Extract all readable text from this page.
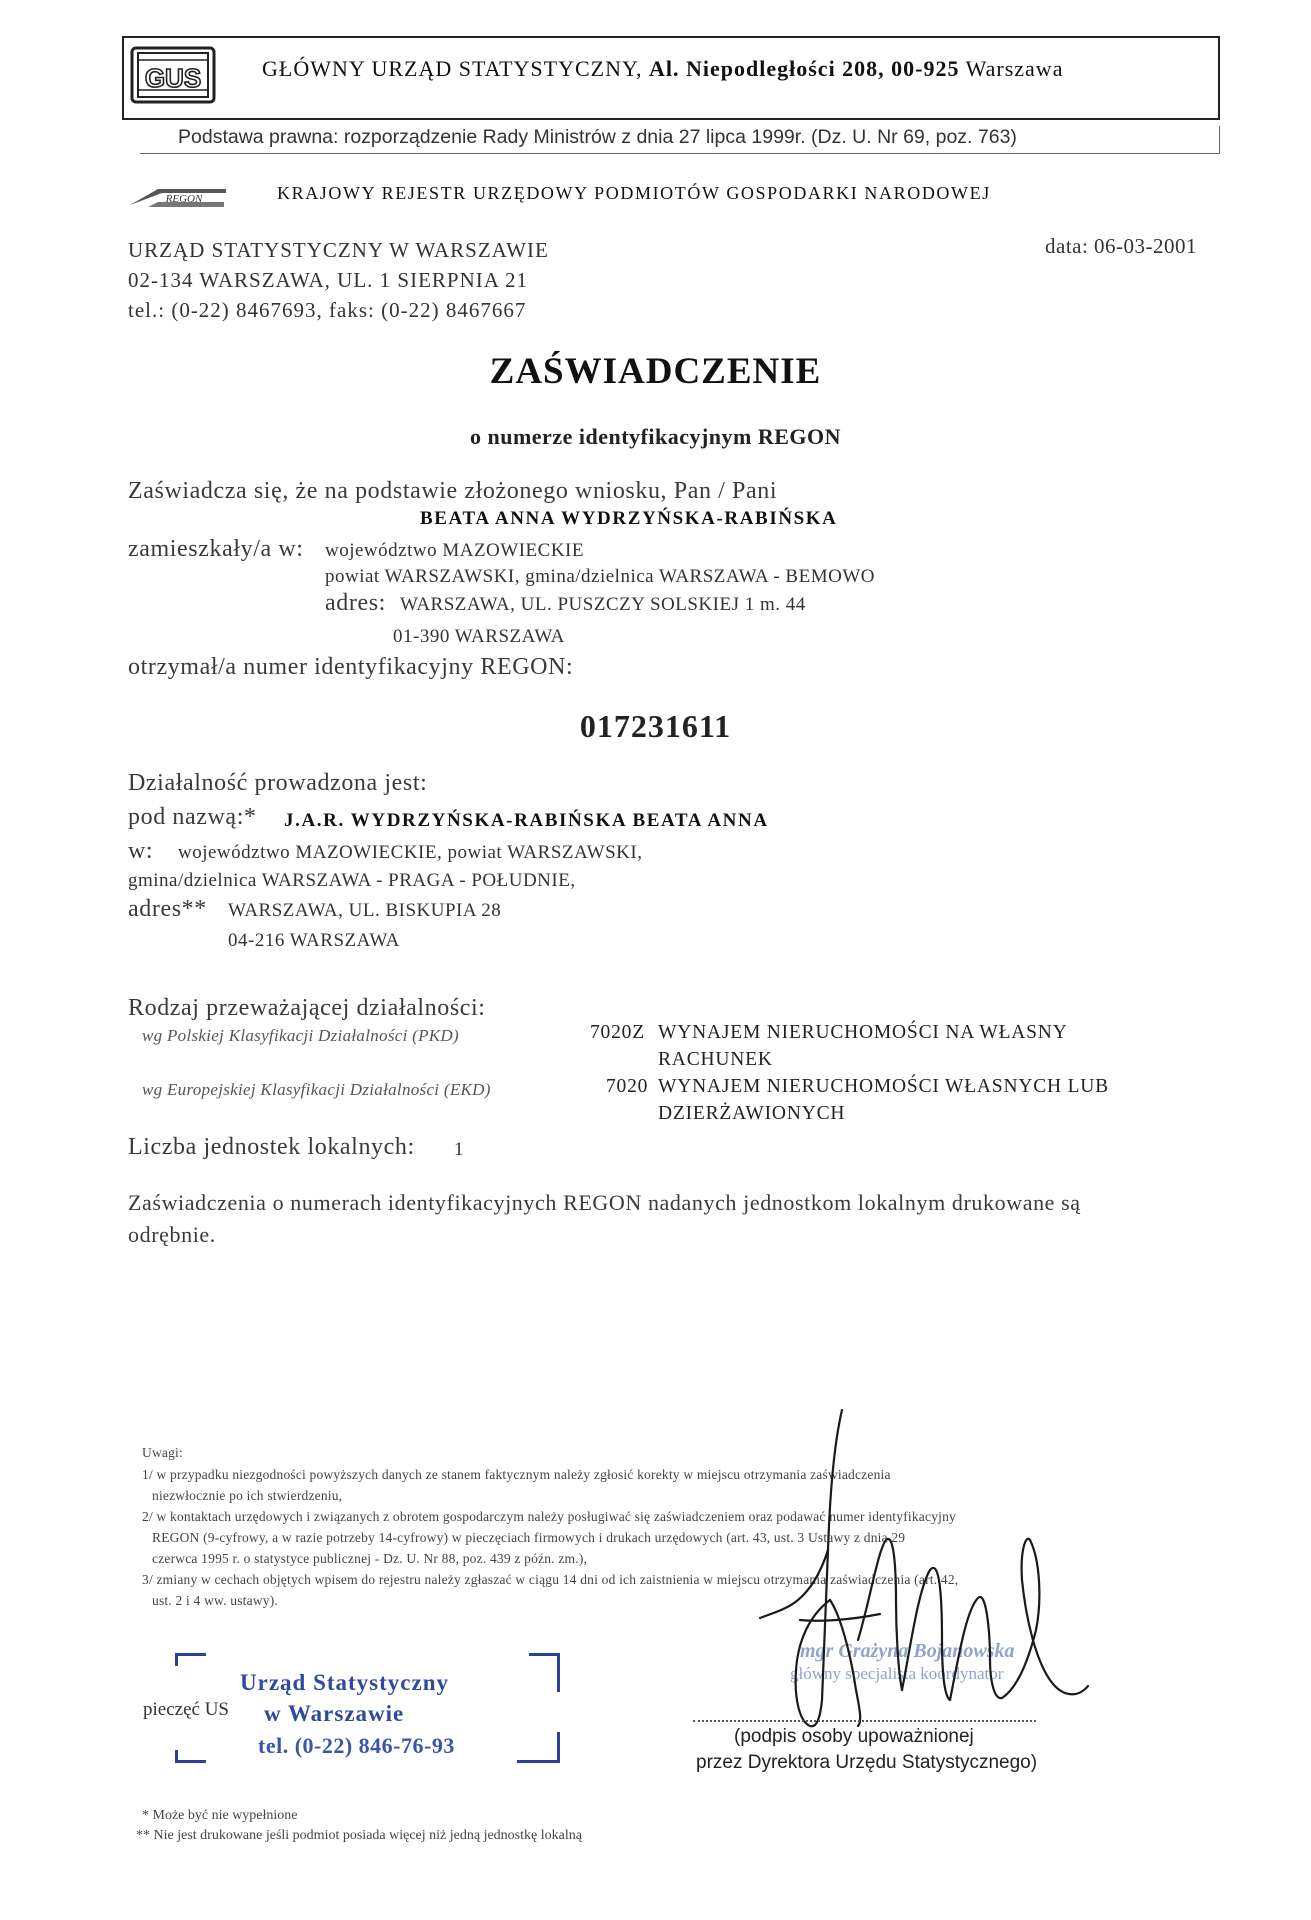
GUS	GŁÓWNY URZĄD STATYSTYCZNY, Al. Niepodległości 208, 00-925 Warszawa
Podstawa prawna: rozporządzenie Rady Ministrów z dnia 27 lipca 1999r. (Dz. U. Nr 69, poz. 763)
REGON	KRAJOWY REJESTR URZĘDOWY PODMIOTÓW GOSPODARKI NARODOWEJ
URZĄD STATYSTYCZNY W WARSZAWIE
02-134 WARSZAWA, UL. 1 SIERPNIA 21
tel.: (0-22) 8467693, faks: (0-22) 8467667
data: 06-03-2001
ZAŚWIADCZENIE
o numerze identyfikacyjnym REGON
Zaświadcza się, że na podstawie złożonego wniosku, Pan / Pani
BEATA ANNA WYDRZYŃSKA-RABIŃSKA
zamieszkały/a w: województwo MAZOWIECKIE
powiat WARSZAWSKI, gmina/dzielnica WARSZAWA - BEMOWO
adres: WARSZAWA, UL. PUSZCZY SOLSKIEJ 1 m. 44
01-390 WARSZAWA
otrzymał/a numer identyfikacyjny REGON:
017231611
Działalność prowadzona jest:
pod nazwą:* J.A.R. WYDRZYŃSKA-RABIŃSKA BEATA ANNA
w: województwo MAZOWIECKIE, powiat WARSZAWSKI,
gmina/dzielnica WARSZAWA - PRAGA - POŁUDNIE,
adres** WARSZAWA, UL. BISKUPIA 28
04-216 WARSZAWA
Rodzaj przeważającej działalności:
wg Polskiej Klasyfikacji Działalności (PKD)	7020Z WYNAJEM NIERUCHOMOŚCI NA WŁASNY
RACHUNEK
wg Europejskiej Klasyfikacji Działalności (EKD)	7020 WYNAJEM NIERUCHOMOŚCI WŁASNYCH LUB
DZIERŻAWIONYCH
Liczba jednostek lokalnych: 1
Zaświadczenia o numerach identyfikacyjnych REGON nadanych jednostkom lokalnym drukowane są
odrębnie.
Uwagi:
1/ w przypadku niezgodności powyższych danych ze stanem faktycznym należy zgłosić korekty w miejscu otrzymania zaświadczenia
niezwłocznie po ich stwierdzeniu,
2/ w kontaktach urzędowych i związanych z obrotem gospodarczym należy posługiwać się zaświadczeniem oraz podawać numer identyfikacyjny
REGON (9-cyfrowy, a w razie potrzeby 14-cyfrowy) w pieczęciach firmowych i drukach urzędowych (art. 43, ust. 3 Ustawy z dnia 29
czerwca 1995 r. o statystyce publicznej - Dz. U. Nr 88, poz. 439 z późn. zm.),
3/ zmiany w cechach objętych wpisem do rejestru należy zgłaszać w ciągu 14 dni od ich zaistnienia w miejscu otrzymania zaświadczenia (art. 42,
ust. 2 i 4 ww. ustawy).
Urząd Statystyczny
w Warszawie
tel. (0-22) 846-76-93
pieczęć US
mgr Grażyna Bojanowska
główny specjalista koordynator
(podpis osoby upoważnionej
przez Dyrektora Urzędu Statystycznego)
* Może być nie wypełnione
** Nie jest drukowane jeśli podmiot posiada więcej niż jedną jednostkę lokalną
